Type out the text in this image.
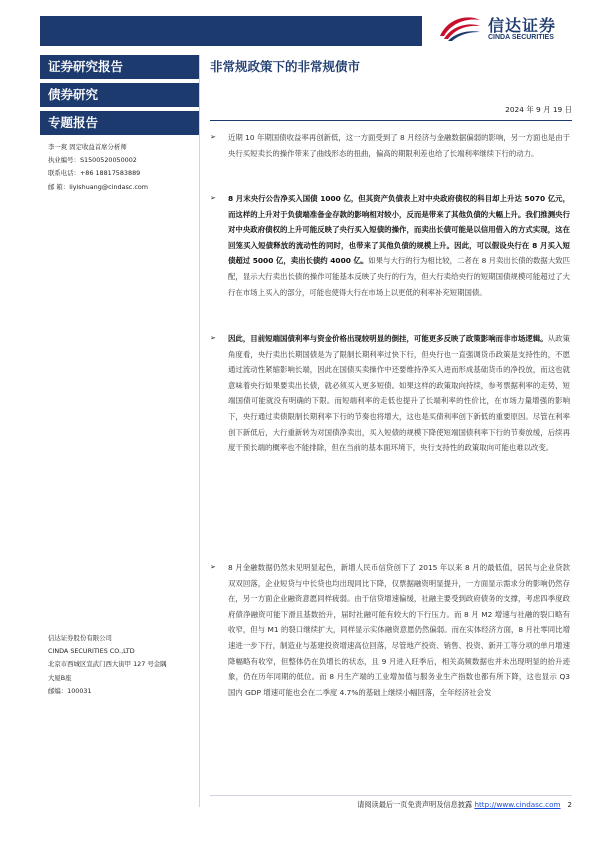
信达证券
CINDA SECURITIES
证券研究报告
债券研究
专题报告
李一爽 固定收益首席分析师
执业编号：S1500520050002
联系电话：+86 18817583889
邮 箱：liyishuang@cindasc.com
信达证券股份有限公司
CINDA SECURITIES CO.,LTD
北京市西城区宣武门西大街甲 127 号金隅
大厦B座
邮编：100031
非常规政策下的非常规债市
2024 年 9 月 19 日
➢	近期 10 年期国债收益率再创新低，这一方面受到了 8 月经济与金融数据偏弱的影响，另一方面也是由于央行买短卖长的操作带来了曲线形态的扭曲，偏高的期限利差也给了长端利率继续下行的动力。
➢	8 月末央行公告净买入国债 1000 亿，但其资产负债表上对中央政府债权的科目却上升达 5070 亿元，而这样的上升对于负债端准备金存款的影响相对较小，反而是带来了其他负债的大幅上升。我们推测央行对中央政府债权的上升可能反映了央行买入短债的操作，而卖出长债可能是以信用借入的方式实现，这在回笼买入短债释放的流动性的同时，也带来了其他负债的规模上升。因此，可以假设央行在 8 月买入短债超过 5000 亿，卖出长债约 4000 亿。如果与大行的行为相比较，二者在 8 月卖出长债的数据大致匹配，显示大行卖出长债的操作可能基本反映了央行的行为，但大行卖给央行的短期国债规模可能超过了大行在市场上买入的部分，可能也使得大行在市场上以更低的利率补充短期国债。
➢	因此，目前短端国债利率与资金价格出现较明显的倒挂，可能更多反映了政策影响而非市场逻辑。从政策角度看，央行卖出长期国债是为了限制长期利率过快下行，但央行也一直强调货币政策是支持性的，不愿通过流动性紧缩影响长端，因此在国债买卖操作中还要维持净买入进而形成基础货币的净投放，而这也就意味着央行如果要卖出长债，就必须买入更多短债。如果这样的政策取向持续，参考票据利率的走势，短端国债可能就没有明确的下限。而短端利率的走低也提升了长端利率的性价比，在市场力量增强的影响下，央行通过卖债限制长期利率下行的节奏也将增大，这也是买债利率创下新低的重要原因。尽管在利率创下新低后，大行重新转为对国债净卖出，买入短债的规模下降使短端国债利率下行的节奏放缓，后续再度干预长端的概率也不能排除，但在当前的基本面环境下，央行支持性的政策取向可能也难以改变。
➢	8 月金融数据仍然未见明显起色，新增人民币信贷创下了 2015 年以来 8 月的最低值，居民与企业贷款双双回落，企业短贷与中长贷也均出现同比下降，仅票据融资明显提升，一方面显示需求分的影响仍然存在，另一方面企业融资意愿同样疲弱。由于信贷增速偏缓，社融主要受到政府债务的支撑，考虑四季度政府债净融资可能下滑且基数抬升，届时社融可能有较大的下行压力。而 8 月 M2 增速与社融的裂口略有收窄，但与 M1 的裂口继续扩大，同样显示实体融资意愿仍然偏弱。而在实体经济方面，8 月社零同比增速进一步下行，制造业与基建投资增速高位回落，尽管地产投资、销售、投资、新开工等分项的单月增速降幅略有收窄，但整体仍在负增长的状态，且 9 月进入旺季后，相关高频数据也并未出现明显的抬升迹象，仍在历年同期的低位。而 8 月生产端的工业增加值与服务业生产指数也都有所下降，这也显示 Q3 国内 GDP 增速可能也会在二季度 4.7%的基础上继续小幅回落，全年经济社会发
请阅读最后一页免责声明及信息披露 http://www.cindasc.com 2
